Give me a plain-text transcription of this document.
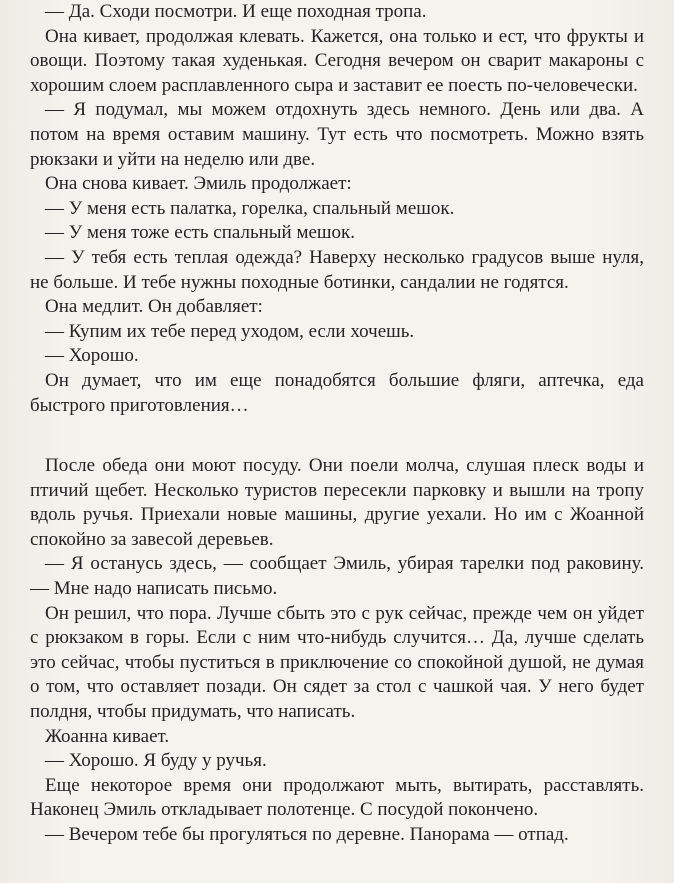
— Да. Сходи посмотри. И еще походная тропа.

Она кивает, продолжая клевать. Кажется, она только и ест, что фрукты и овощи. Поэтому такая худенькая. Сегодня вечером он сварит макароны с хорошим слоем расплавленного сыра и заставит ее поесть по-человечески.

— Я подумал, мы можем отдохнуть здесь немного. День или два. А потом на время оставим машину. Тут есть что посмотреть. Можно взять рюкзаки и уйти на неделю или две.

Она снова кивает. Эмиль продолжает:

— У меня есть палатка, горелка, спальный мешок.

— У меня тоже есть спальный мешок.

— У тебя есть теплая одежда? Наверху несколько градусов выше нуля, не больше. И тебе нужны походные ботинки, сандалии не годятся.

Она медлит. Он добавляет:

— Купим их тебе перед уходом, если хочешь.

— Хорошо.

Он думает, что им еще понадобятся большие фляги, аптечка, еда быстрого приготовления…

После обеда они моют посуду. Они поели молча, слушая плеск воды и птичий щебет. Несколько туристов пересекли парковку и вышли на тропу вдоль ручья. Приехали новые машины, другие уехали. Но им с Жоанной спокойно за завесой деревьев.

— Я останусь здесь, — сообщает Эмиль, убирая тарелки под раковину. — Мне надо написать письмо.

Он решил, что пора. Лучше сбыть это с рук сейчас, прежде чем он уйдет с рюкзаком в горы. Если с ним что-нибудь случится… Да, лучше сделать это сейчас, чтобы пуститься в приключение со спокойной душой, не думая о том, что оставляет позади. Он сядет за стол с чашкой чая. У него будет полдня, чтобы придумать, что написать.

Жоанна кивает.

— Хорошо. Я буду у ручья.

Еще некоторое время они продолжают мыть, вытирать, расставлять. Наконец Эмиль откладывает полотенце. С посудой покончено.

— Вечером тебе бы прогуляться по деревне. Панорама — отпад.
